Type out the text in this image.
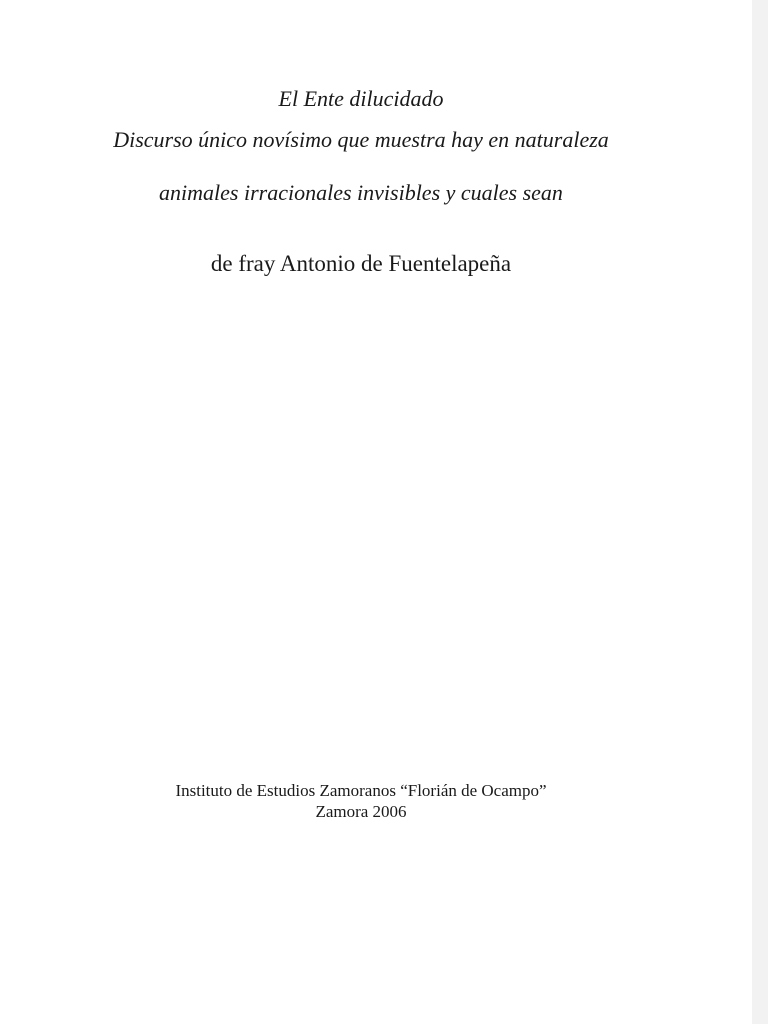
El Ente dilucidado
Discurso único novísimo que muestra hay en naturaleza
animales irracionales invisibles y cuales sean
de fray Antonio de Fuentelapeña
Instituto de Estudios Zamoranos “Florián de Ocampo”
Zamora 2006
